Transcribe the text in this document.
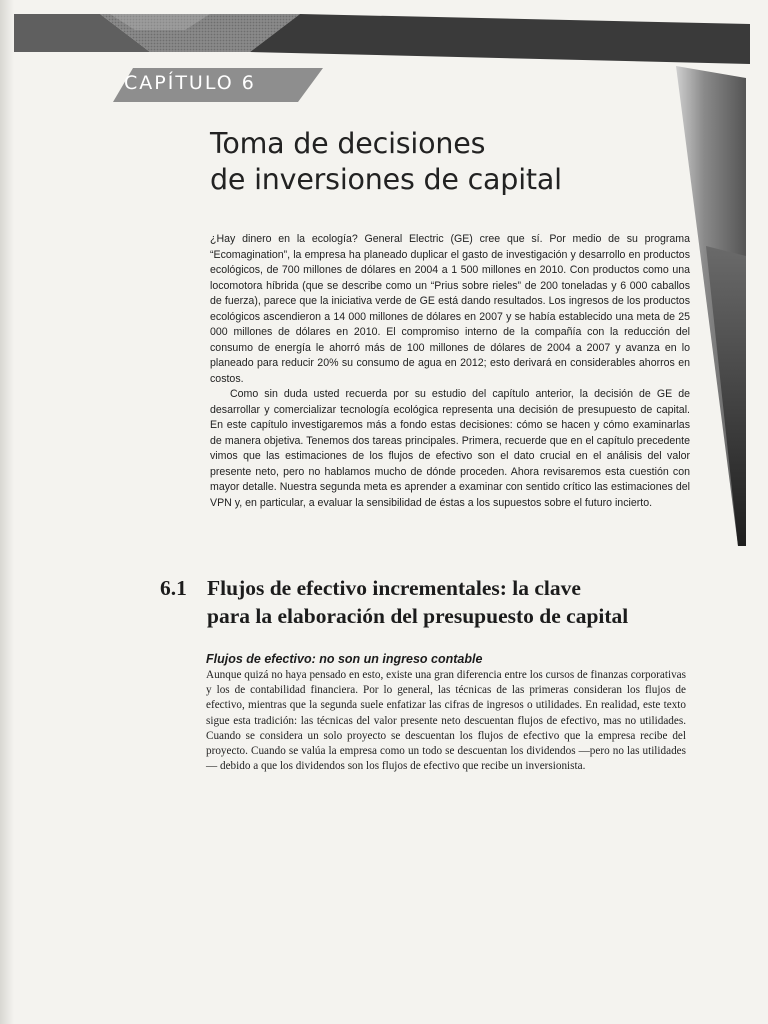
CAPÍTULO 6
Toma de decisiones
de inversiones de capital

¿Hay dinero en la ecología? General Electric (GE) cree que sí. Por medio de su programa “Ecomagination”, la empresa ha planeado duplicar el gasto de investigación y desarrollo en productos ecológicos, de 700 millones de dólares en 2004 a 1 500 millones en 2010. Con productos como una locomotora híbrida (que se describe como un “Prius sobre rieles” de 200 toneladas y 6 000 caballos de fuerza), parece que la iniciativa verde de GE está dando resultados. Los ingresos de los productos ecológicos ascendieron a 14 000 millones de dólares en 2007 y se había establecido una meta de 25 000 millones de dólares en 2010. El compromiso interno de la compañía con la reducción del consumo de energía le ahorró más de 100 millones de dólares de 2004 a 2007 y avanza en lo planeado para reducir 20% su consumo de agua en 2012; esto derivará en considerables ahorros en costos.

Como sin duda usted recuerda por su estudio del capítulo anterior, la decisión de GE de desarrollar y comercializar tecnología ecológica representa una decisión de presupuesto de capital. En este capítulo investigaremos más a fondo estas decisiones: cómo se hacen y cómo examinarlas de manera objetiva. Tenemos dos tareas principales. Primera, recuerde que en el capítulo precedente vimos que las estimaciones de los flujos de efectivo son el dato crucial en el análisis del valor presente neto, pero no hablamos mucho de dónde proceden. Ahora revisaremos esta cuestión con mayor detalle. Nuestra segunda meta es aprender a examinar con sentido crítico las estimaciones del VPN y, en particular, a evaluar la sensibilidad de éstas a los supuestos sobre el futuro incierto.

6.1 Flujos de efectivo incrementales: la clave
para la elaboración del presupuesto de capital
Flujos de efectivo: no son un ingreso contable

Aunque quizá no haya pensado en esto, existe una gran diferencia entre los cursos de finanzas corporativas y los de contabilidad financiera. Por lo general, las técnicas de las primeras consideran los flujos de efectivo, mientras que la segunda suele enfatizar las cifras de ingresos o utilidades. En realidad, este texto sigue esta tradición: las técnicas del valor presente neto descuentan flujos de efectivo, mas no utilidades. Cuando se considera un solo proyecto se descuentan los flujos de efectivo que la empresa recibe del proyecto. Cuando se valúa la empresa como un todo se descuentan los dividendos —pero no las utilidades— debido a que los dividendos son los flujos de efectivo que recibe un inversionista.
